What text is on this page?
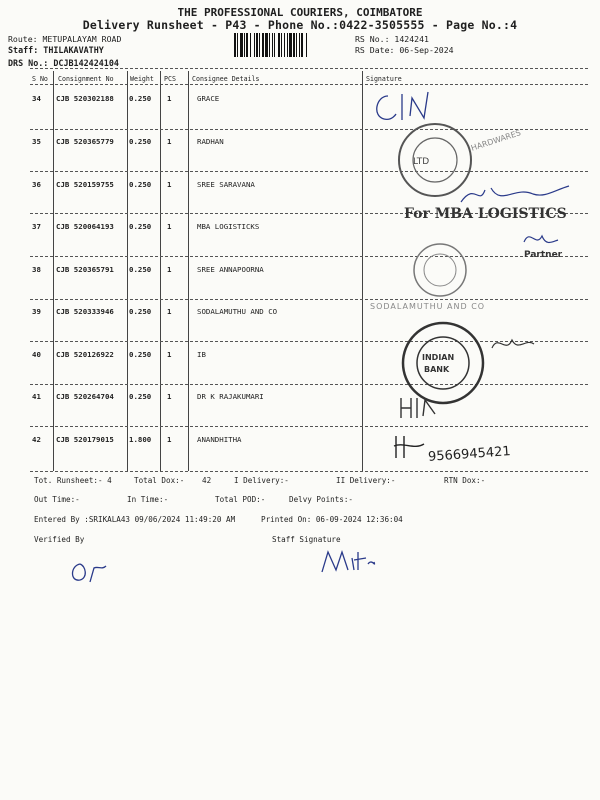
THE PROFESSIONAL COURIERS, COIMBATORE
Delivery Runsheet - P43 - Phone No.:0422-3505555 - Page No.:4
Route: METUPALAYAM ROAD
Staff: THILAKAVATHY
DRS No.: DCJB142424104
RS No.: 1424241
RS Date: 06-Sep-2024
S No Consignment No Weight PCS Consignee Details	Signature
34 CJB 520302188 0.250 1	GRACE
35 CJB 520365779 0.250 1	RADHAN
36 CJB 520159755 0.250 1	SREE SARAVANA
37 CJB 520064193 0.250 1	MBA LOGISTICKS
38 CJB 520365791 0.250 1	SREE ANNAPOORNA
39 CJB 520333946 0.250 1	SODALAMUTHU AND CO
40 CJB 520126922 0.250 1	IB
41 CJB 520264704 0.250 1	DR K RAJAKUMARI
42 CJB 520179015 1.800 1	ANANDHITHA
LTD
HARDWARES
For MBA LOGISTICS
Partner
SODALAMUTHU AND CO
INDIAN
BANK
9566945421
Tot. Runsheet:- 4	Total Dox:- 42	I Delivery:-	II Delivery:-	RTN Dox:-
Out Time:-	In Time:-	Total POD:-	Delvy Points:-
Entered By :SRIKALA43 09/06/2024 11:49:20 AM	Printed On: 06-09-2024 12:36:04
Verified By	Staff Signature
